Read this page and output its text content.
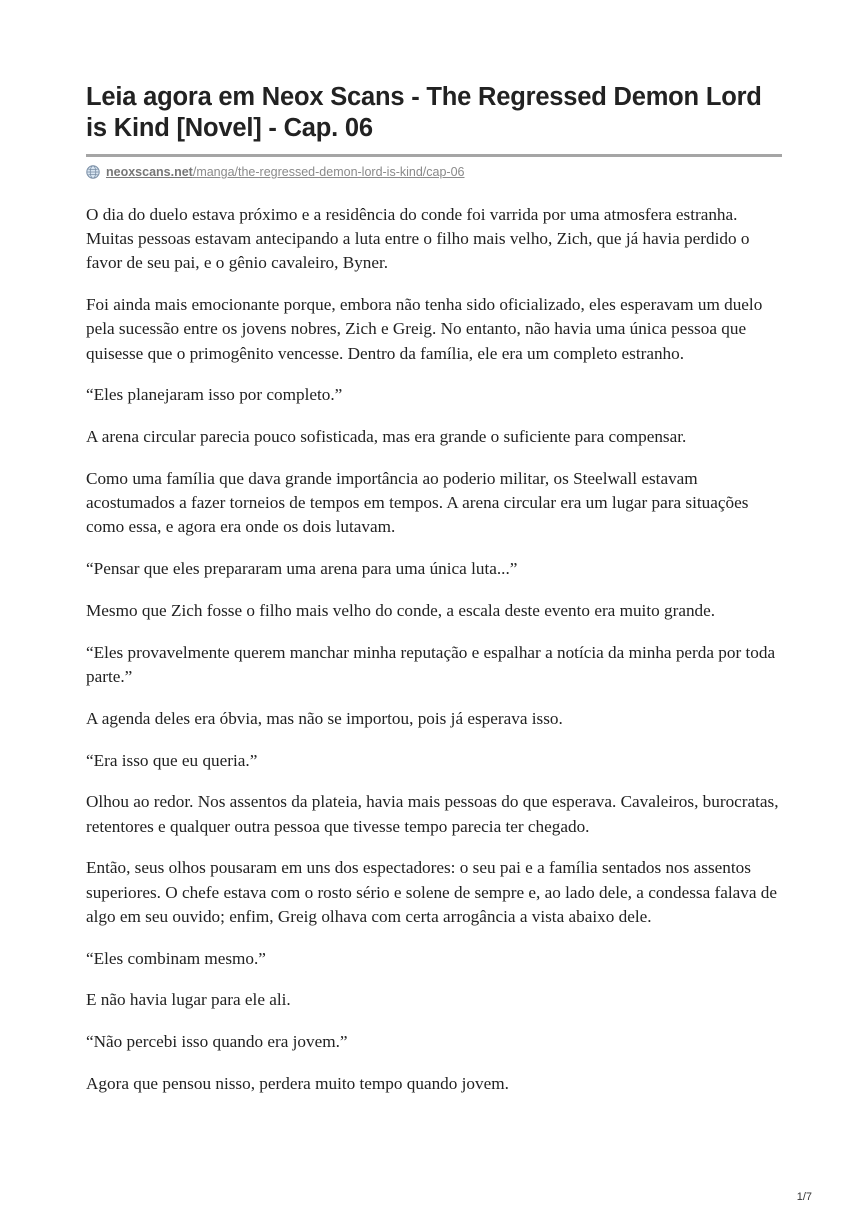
Leia agora em Neox Scans - The Regressed Demon Lord is Kind [Novel] - Cap. 06
neoxscans.net /manga/the-regressed-demon-lord-is-kind/cap-06

O dia do duelo estava próximo e a residência do conde foi varrida por uma atmosfera estranha. Muitas pessoas estavam antecipando a luta entre o filho mais velho, Zich, que já havia perdido o favor de seu pai, e o gênio cavaleiro, Byner.

Foi ainda mais emocionante porque, embora não tenha sido oficializado, eles esperavam um duelo pela sucessão entre os jovens nobres, Zich e Greig. No entanto, não havia uma única pessoa que quisesse que o primogênito vencesse. Dentro da família, ele era um completo estranho.

“Eles planejaram isso por completo.”

A arena circular parecia pouco sofisticada, mas era grande o suficiente para compensar.

Como uma família que dava grande importância ao poderio militar, os Steelwall estavam acostumados a fazer torneios de tempos em tempos. A arena circular era um lugar para situações como essa, e agora era onde os dois lutavam.

“Pensar que eles prepararam uma arena para uma única luta...”

Mesmo que Zich fosse o filho mais velho do conde, a escala deste evento era muito grande.

“Eles provavelmente querem manchar minha reputação e espalhar a notícia da minha perda por toda parte.”

A agenda deles era óbvia, mas não se importou, pois já esperava isso.

“Era isso que eu queria.”

Olhou ao redor. Nos assentos da plateia, havia mais pessoas do que esperava. Cavaleiros, burocratas, retentores e qualquer outra pessoa que tivesse tempo parecia ter chegado.

Então, seus olhos pousaram em uns dos espectadores: o seu pai e a família sentados nos assentos superiores. O chefe estava com o rosto sério e solene de sempre e, ao lado dele, a condessa falava de algo em seu ouvido; enfim, Greig olhava com certa arrogância a vista abaixo dele.

“Eles combinam mesmo.”

E não havia lugar para ele ali.

“Não percebi isso quando era jovem.”

Agora que pensou nisso, perdera muito tempo quando jovem.

1/7
